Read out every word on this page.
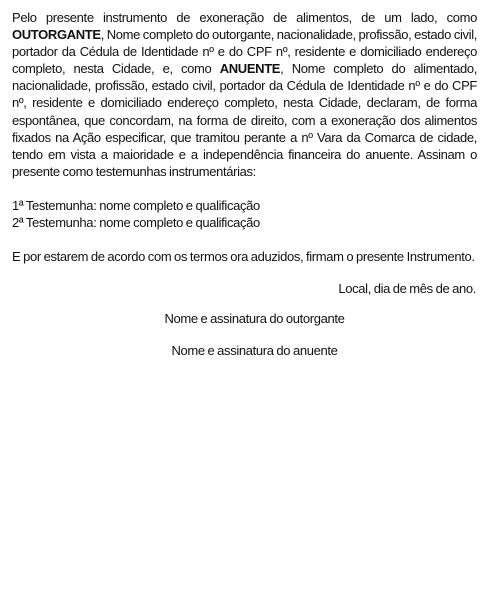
Pelo presente instrumento de exoneração de alimentos, de um lado, como OUTORGANTE, Nome completo do outorgante, nacionalidade, profissão, estado civil, portador da Cédula de Identidade nº e do CPF nº, residente e domiciliado endereço completo, nesta Cidade, e, como ANUENTE, Nome completo do alimentado, nacionalidade, profissão, estado civil, portador da Cédula de Identidade nº e do CPF nº, residente e domiciliado endereço completo, nesta Cidade, declaram, de forma espontânea, que concordam, na forma de direito, com a exoneração dos alimentos fixados na Ação especificar, que tramitou perante a nº Vara da Comarca de cidade, tendo em vista a maioridade e a independência financeira do anuente. Assinam o presente como testemunhas instrumentárias:

1ª Testemunha: nome completo e qualificação
2ª Testemunha: nome completo e qualificação
E por estarem de acordo com os termos ora aduzidos, firmam o presente Instrumento.
Local, dia de mês de ano.
Nome e assinatura do outorgante
Nome e assinatura do anuente
